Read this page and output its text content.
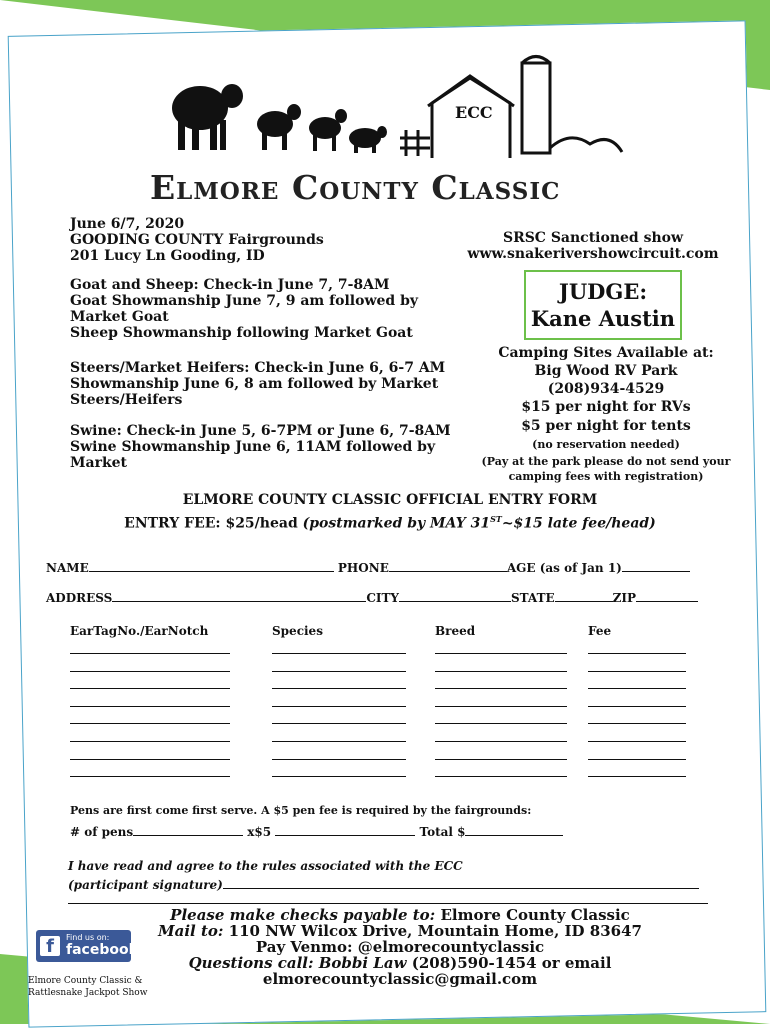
ECC
Elmore County Classic
June 6/7, 2020
GOODING COUNTY Fairgrounds
201 Lucy Ln Gooding, ID
SRSC Sanctioned show
www.snakerivershowcircuit.com
Goat and Sheep: Check-in June 7, 7-8AM
Goat Showmanship June 7, 9 am followed by
Market Goat
Sheep Showmanship following Market Goat
Steers/Market Heifers: Check-in June 6, 6-7 AM
Showmanship June 6, 8 am followed by Market
Steers/Heifers
Swine: Check-in June 5, 6-7PM or June 6, 7-8AM
Swine Showmanship June 6, 11AM followed by
Market
JUDGE:
Kane Austin
Camping Sites Available at:
Big Wood RV Park
(208)934-4529
$15 per night for RVs
$5 per night for tents
(no reservation needed)
(Pay at the park please do not send your
camping fees with registration)
ELMORE COUNTY CLASSIC OFFICIAL ENTRY FORM
ENTRY FEE: $25/head (postmarked by MAY 31ST~$15 late fee/head)
NAME	PHONE	AGE (as of Jan 1)
ADDRESS	CITY	STATE	ZIP
EarTagNo./EarNotch	Species	Breed	Fee
Pens are first come first serve. A $5 pen fee is required by the fairgrounds:
# of pens	x$5	Total $
I have read and agree to the rules associated with the ECC
(participant signature)
Please make checks payable to: Elmore County Classic
Mail to: 110 NW Wilcox Drive, Mountain Home, ID 83647
Pay Venmo: @elmorecountyclassic
Questions call: Bobbi Law (208)590-1454 or email
elmorecountyclassic@gmail.com
f	Find us on:
facebook.
Elmore County Classic &
Rattlesnake Jackpot Show
